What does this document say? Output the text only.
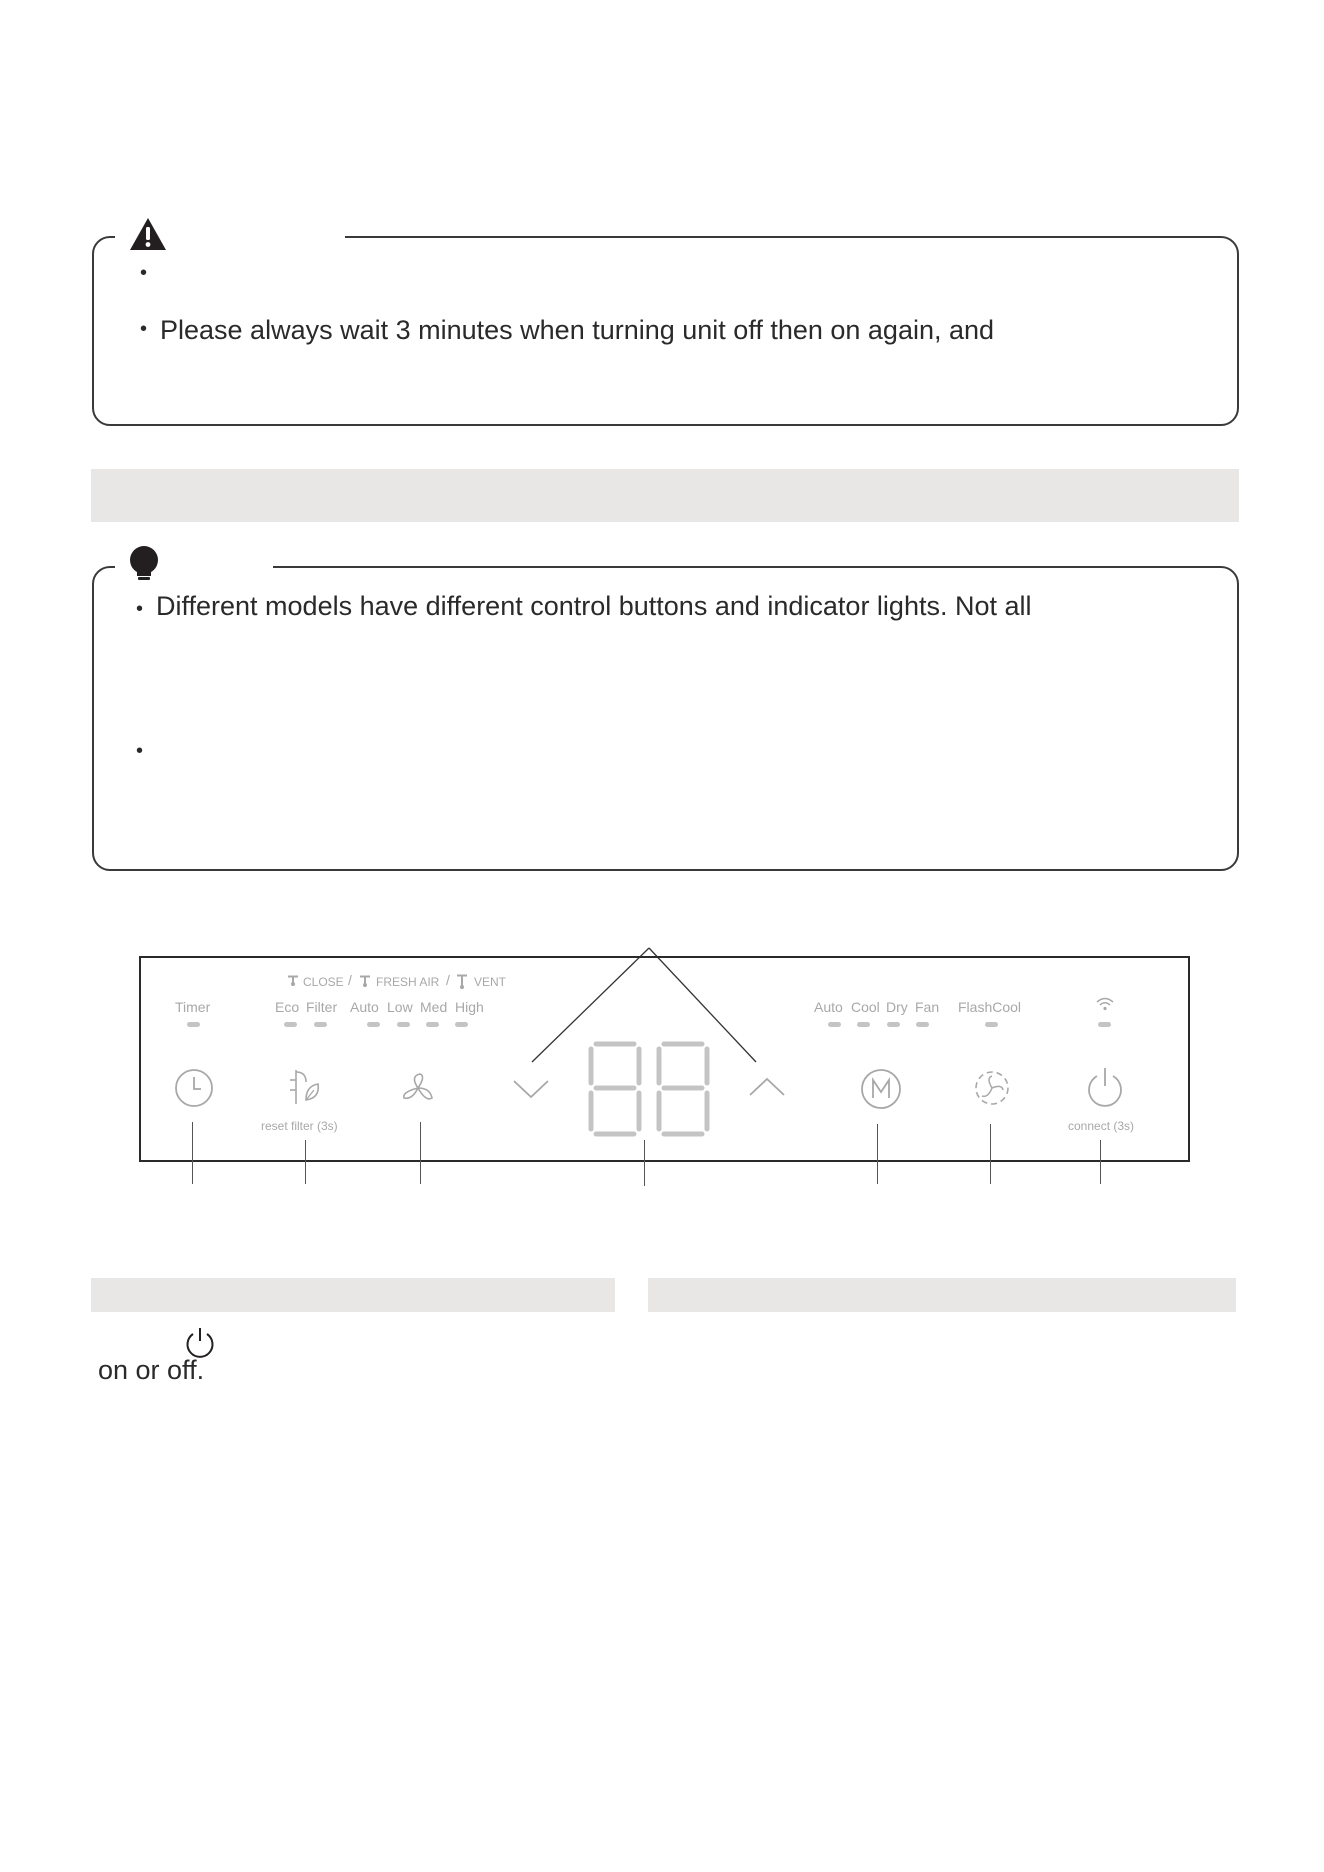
•
• Please always wait 3 minutes when turning unit off then on again, and
• Different models have different control buttons and indicator lights. Not all
•
CLOSE / FRESH AIR / VENT
Timer	Eco Filter Auto Low Med High	Auto Cool Dry Fan FlashCool
reset filter (3s)	connect (3s)
on or off.
